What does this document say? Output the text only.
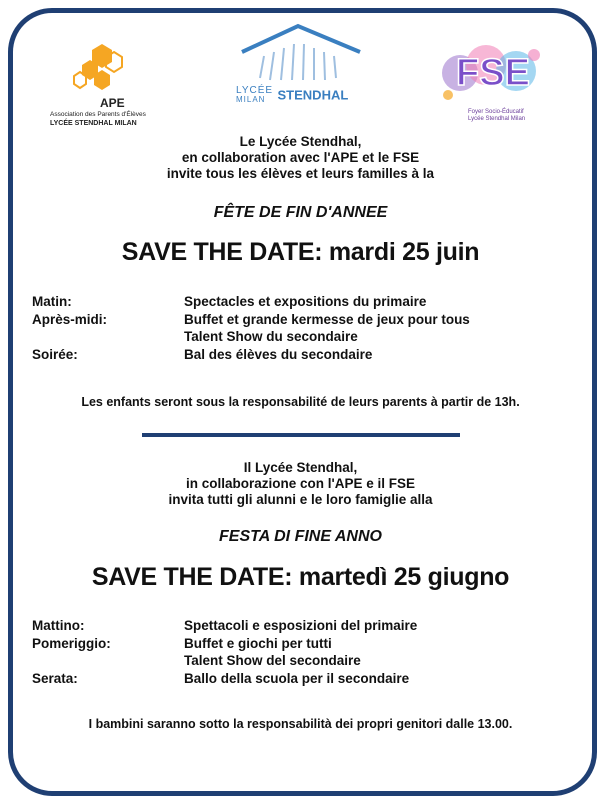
APE
Association des Parents d'Élèves
LYCÉE STENDHAL MILAN
LYCÉE
MILAN STENDHAL
FSE
Foyer Socio-Éducatif
Lycée Stendhal Milan
Le Lycée Stendhal,
en collaboration avec l'APE et le FSE
invite tous les élèves et leurs familles à la
FÊTE DE FIN D'ANNEE
SAVE THE DATE: mardi 25 juin
Matin:	Spectacles et expositions du primaire
Après-midi:	Buffet et grande kermesse de jeux pour tous
Talent Show du secondaire
Soirée:	Bal des élèves du secondaire
Les enfants seront sous la responsabilité de leurs parents à partir de 13h.
Il Lycée Stendhal,
in collaborazione con l'APE e il FSE
invita tutti gli alunni e le loro famiglie alla
FESTA DI FINE ANNO
SAVE THE DATE: martedì 25 giugno
Mattino:	Spettacoli e esposizioni del primaire
Pomeriggio:	Buffet e giochi per tutti
Talent Show del secondaire
Serata:	Ballo della scuola per il secondaire
I bambini saranno sotto la responsabilità dei propri genitori dalle 13.00.
